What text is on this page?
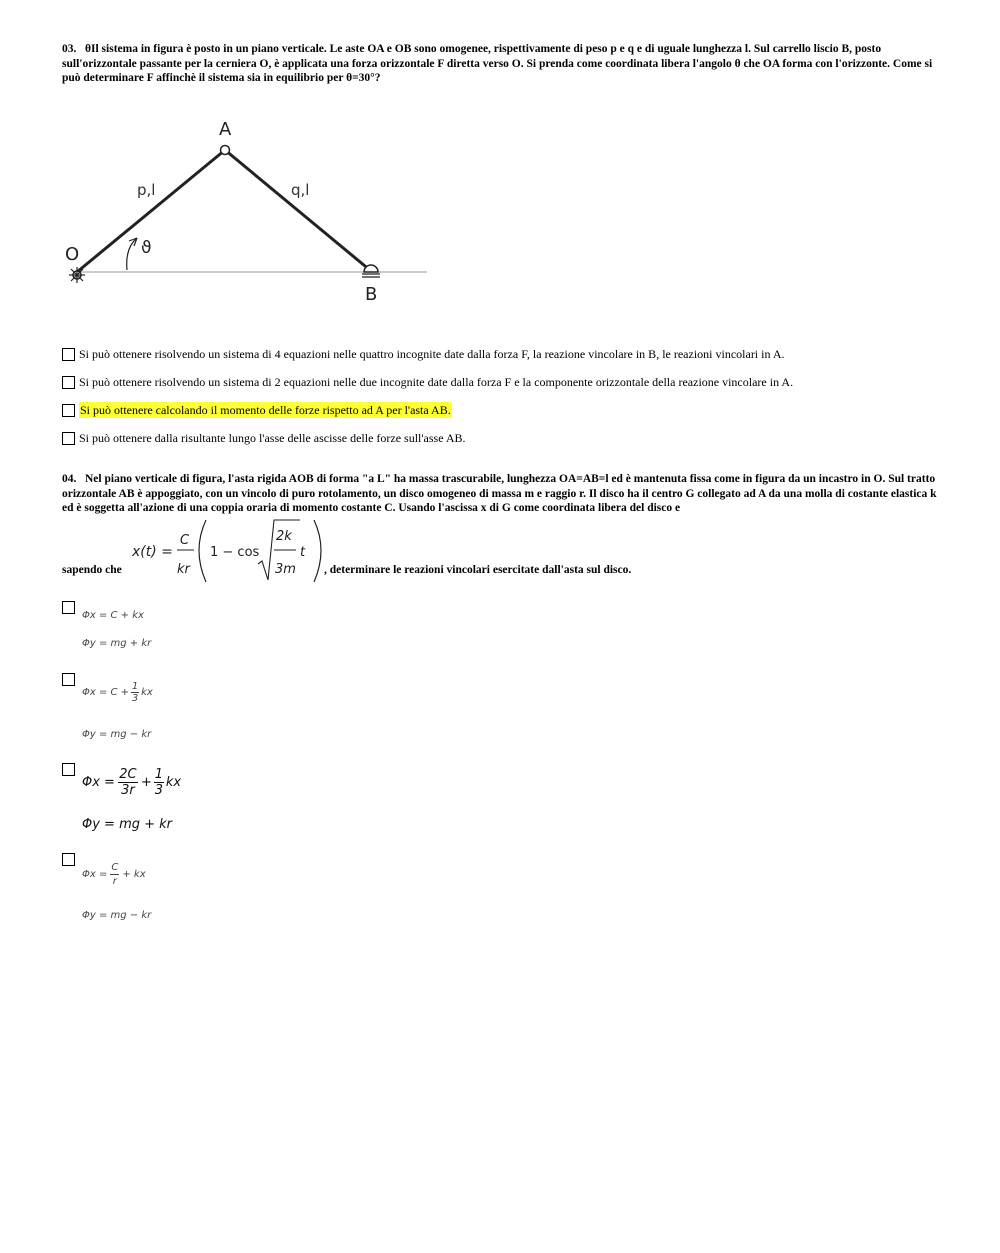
03. θIl sistema in figura è posto in un piano verticale. Le aste OA e OB sono omogenee, rispettivamente di peso p e q e di uguale lunghezza l. Sul carrello liscio B, posto sull'orizzontale passante per la cerniera O, è applicata una forza orizzontale F diretta verso O. Si prenda come coordinata libera l'angolo θ che OA forma con l'orizzonte. Come si può determinare F affinchè il sistema sia in equilibrio per θ=30°?
A
O
B
p,l	q,l
ϑ
Si può ottenere risolvendo un sistema di 4 equazioni nelle quattro incognite date dalla forza F, la reazione vincolare in B, le reazioni vincolari in A.
Si può ottenere risolvendo un sistema di 2 equazioni nelle due incognite date dalla forza F e la componente orizzontale della reazione vincolare in A.
Si può ottenere calcolando il momento delle forze rispetto ad A per l'asta AB.
Si può ottenere dalla risultante lungo l'asse delle ascisse delle forze sull'asse AB.
04. Nel piano verticale di figura, l'asta rigida AOB di forma "a L" ha massa trascurabile, lunghezza OA=AB=l ed è mantenuta fissa come in figura da un incastro in O. Sul tratto orizzontale AB è appoggiato, con un vincolo di puro rotolamento, un disco omogeneo di massa m e raggio r. Il disco ha il centro G collegato ad A da una molla di costante elastica k ed è soggetta all'azione di una coppia oraria di momento costante C. Usando l'ascissa x di G come coordinata libera del disco e
sapendo che
x(t) =
C
kr
1 − cos
2k
3m
t
, determinare le reazioni vincolari esercitate dall'asta sul disco.
Φx = C + kx
Φy = mg + kr
Φx = C +
1
3
kx
Φy = mg − kr
Φx =
2C
3r
+
1
3
kx
Φy = mg + kr
Φx =
C
r
+ kx
Φy = mg − kr
